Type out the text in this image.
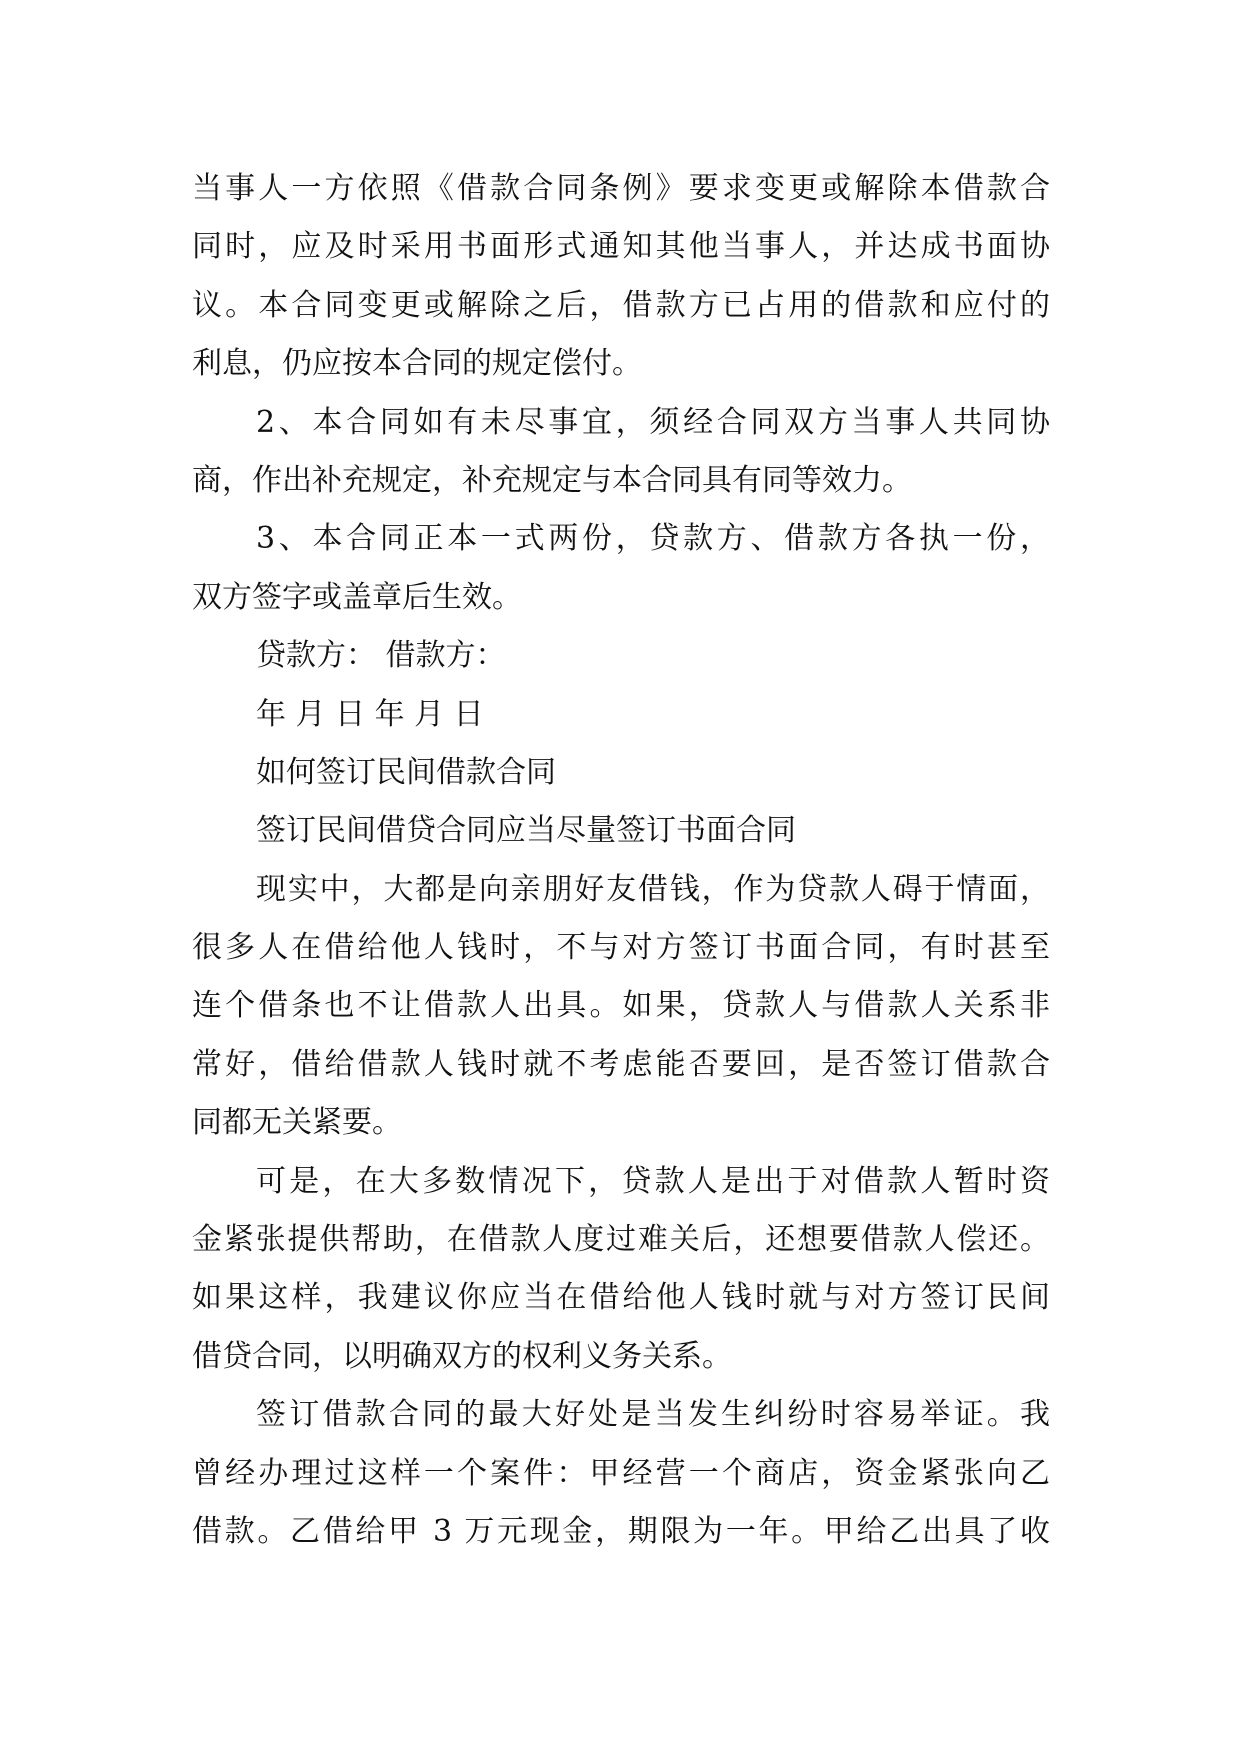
当事人一方依照《借款合同条例》要求变更或解除本借款合
同时，应及时采用书面形式通知其他当事人，并达成书面协
议。本合同变更或解除之后，借款方已占用的借款和应付的
利息，仍应按本合同的规定偿付。
2、本合同如有未尽事宜，须经合同双方当事人共同协
商，作出补充规定，补充规定与本合同具有同等效力。
3、本合同正本一式两份，贷款方、借款方各执一份，
双方签字或盖章后生效。
贷款方： 借款方：
年 月 日 年 月 日
如何签订民间借款合同
签订民间借贷合同应当尽量签订书面合同
现实中，大都是向亲朋好友借钱，作为贷款人碍于情面，
很多人在借给他人钱时，不与对方签订书面合同，有时甚至
连个借条也不让借款人出具。如果，贷款人与借款人关系非
常好，借给借款人钱时就不考虑能否要回，是否签订借款合
同都无关紧要。
可是，在大多数情况下，贷款人是出于对借款人暂时资
金紧张提供帮助，在借款人度过难关后，还想要借款人偿还。
如果这样，我建议你应当在借给他人钱时就与对方签订民间
借贷合同，以明确双方的权利义务关系。
签订借款合同的最大好处是当发生纠纷时容易举证。我
曾经办理过这样一个案件：甲经营一个商店，资金紧张向乙
借款。乙借给甲 3 万元现金，期限为一年。甲给乙出具了收
